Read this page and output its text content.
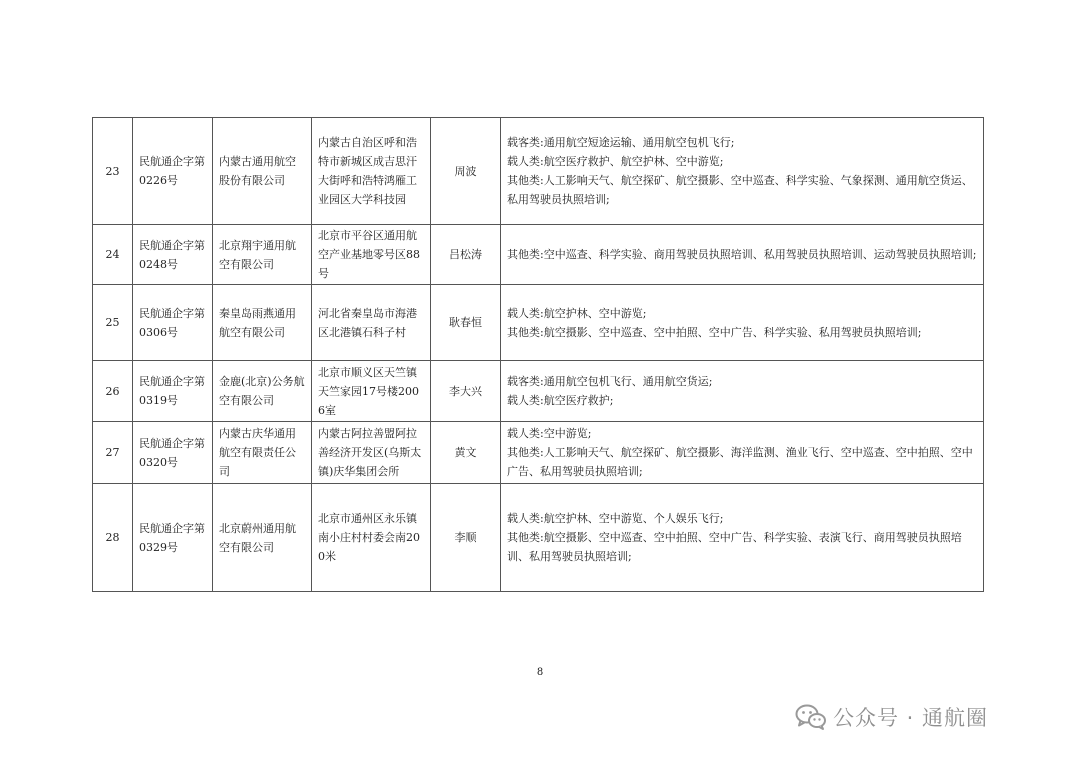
23	民航通企字第0226号	内蒙古通用航空股份有限公司	内蒙古自治区呼和浩特市新城区成吉思汗大街呼和浩特鸿雁工业园区大学科技园	周波	载客类:通用航空短途运输、通用航空包机飞行;
载人类:航空医疗救护、航空护林、空中游览;
其他类:人工影响天气、航空探矿、航空摄影、空中巡查、科学实验、气象探测、通用航空货运、私用驾驶员执照培训;

24	民航通企字第0248号	北京翔宇通用航空有限公司	北京市平谷区通用航空产业基地零号区88号	吕松涛	其他类:空中巡查、科学实验、商用驾驶员执照培训、私用驾驶员执照培训、运动驾驶员执照培训;

25	民航通企字第0306号	秦皇岛雨燕通用航空有限公司	河北省秦皇岛市海港区北港镇石科子村	耿春恒	载人类:航空护林、空中游览;
其他类:航空摄影、空中巡查、空中拍照、空中广告、科学实验、私用驾驶员执照培训;

26	民航通企字第0319号	金鹿(北京)公务航空有限公司	北京市顺义区天竺镇天竺家园17号楼2006室	李大兴	载客类:通用航空包机飞行、通用航空货运;
载人类:航空医疗救护;

27	民航通企字第0320号	内蒙古庆华通用航空有限责任公司	内蒙古阿拉善盟阿拉善经济开发区(乌斯太镇)庆华集团会所	黄文	载人类:空中游览;
其他类:人工影响天气、航空探矿、航空摄影、海洋监测、渔业飞行、空中巡查、空中拍照、空中广告、私用驾驶员执照培训;

28	民航通企字第0329号	北京蔚州通用航空有限公司	北京市通州区永乐镇南小庄村村委会南200米	李顺	载人类:航空护林、空中游览、个人娱乐飞行;
其他类:航空摄影、空中巡查、空中拍照、空中广告、科学实验、表演飞行、商用驾驶员执照培训、私用驾驶员执照培训;
8
公众号 · 通航圈
